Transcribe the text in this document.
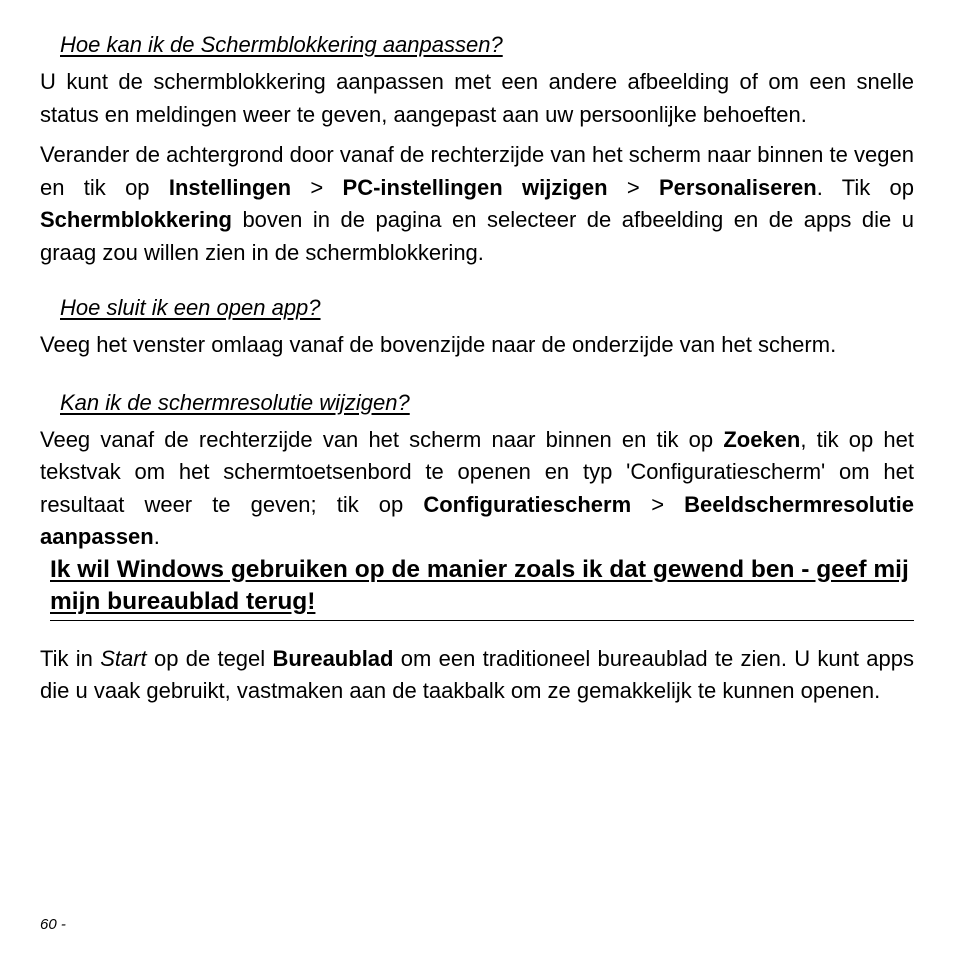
Hoe kan ik de Schermblokkering aanpassen?

U kunt de schermblokkering aanpassen met een andere afbeelding of om een snelle status en meldingen weer te geven, aangepast aan uw persoonlijke behoeften.

Verander de achtergrond door vanaf de rechterzijde van het scherm naar binnen te vegen en tik op Instellingen > PC-instellingen wijzigen > Personaliseren. Tik op Schermblokkering boven in de pagina en selecteer de afbeelding en de apps die u graag zou willen zien in de schermblokkering.

Hoe sluit ik een open app?

Veeg het venster omlaag vanaf de bovenzijde naar de onderzijde van het scherm.

Kan ik de schermresolutie wijzigen?

Veeg vanaf de rechterzijde van het scherm naar binnen en tik op Zoeken, tik op het tekstvak om het schermtoetsenbord te openen en typ 'Configuratiescherm' om het resultaat weer te geven; tik op Configuratiescherm > Beeldschermresolutie aanpassen.

Ik wil Windows gebruiken op de manier zoals ik dat gewend ben - geef mij mijn bureaublad terug!

Tik in Start op de tegel Bureaublad om een traditioneel bureaublad te zien. U kunt apps die u vaak gebruikt, vastmaken aan de taakbalk om ze gemakkelijk te kunnen openen.

60 -
